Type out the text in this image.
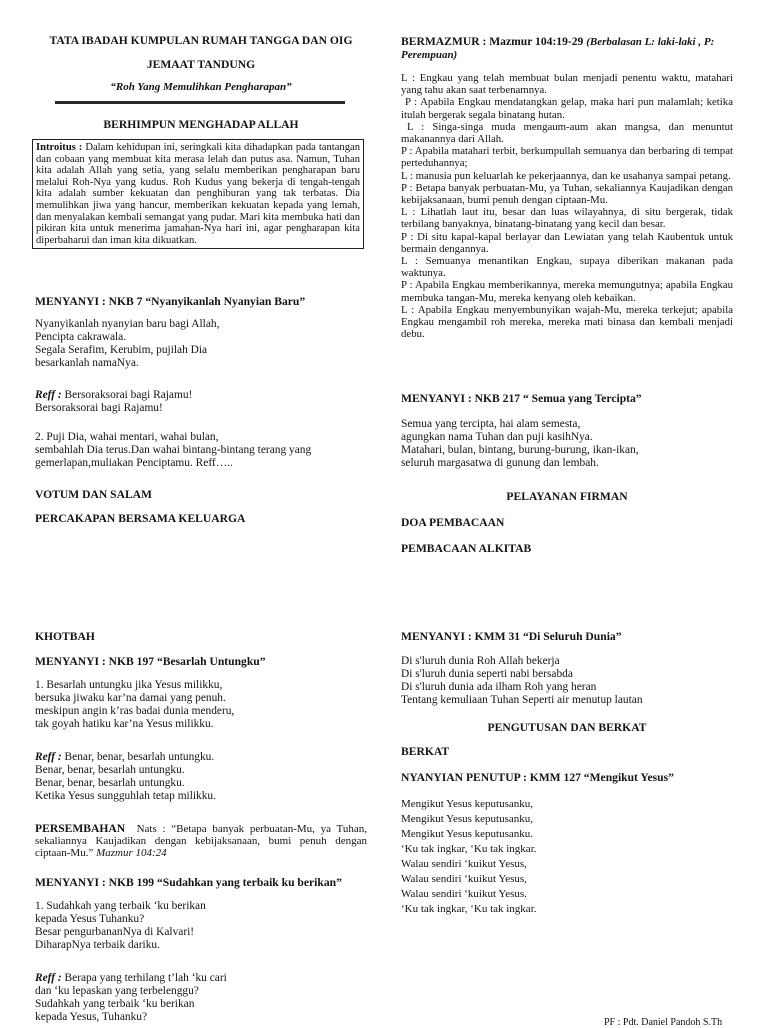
TATA IBADAH KUMPULAN RUMAH TANGGA DAN OIG
JEMAAT TANDUNG
“Roh Yang Memulihkan Pengharapan”
BERHIMPUN MENGHADAP ALLAH
Introitus : Dalam kehidupan ini, seringkali kita dihadapkan pada tantangan dan cobaan yang membuat kita merasa lelah dan putus asa. Namun, Tuhan kita adalah Allah yang setia, yang selalu memberikan pengharapan baru melalui Roh-Nya yang kudus. Roh Kudus yang bekerja di tengah-tengah kita adalah sumber kekuatan dan penghiburan yang tak terbatas. Dia memulihkan jiwa yang hancur, memberikan kekuatan kepada yang lemah, dan menyalakan kembali semangat yang pudar. Mari kita membuka hati dan pikiran kita untuk menerima jamahan-Nya hari ini, agar pengharapan kita diperbaharui dan iman kita dikuatkan.
MENYANYI : NKB 7 “Nyanyikanlah Nyanyian Baru”
Nyanyikanlah nyanyian baru bagi Allah,
Pencipta cakrawala.
Segala Serafim, Kerubim, pujilah Dia
besarkanlah namaNya.
Reff : Bersoraksorai bagi Rajamu!
Bersoraksorai bagi Rajamu!
2. Puji Dia, wahai mentari, wahai bulan,
sembahlah Dia terus.Dan wahai bintang-bintang terang yang
gemerlapan,muliakan Penciptamu. Reff…..
VOTUM DAN SALAM
PERCAKAPAN BERSAMA KELUARGA
KHOTBAH
MENYANYI : NKB 197 “Besarlah Untungku”
1. Besarlah untungku jika Yesus milikku,
bersuka jiwaku kar’na damai yang penuh.
meskipun angin k’ras badai dunia menderu,
tak goyah hatiku kar’na Yesus milikku.
Reff : Benar, benar, besarlah untungku.
Benar, benar, besarlah untungku.
Benar, benar, besarlah untungku.
Ketika Yesus sungguhlah tetap milikku.
PERSEMBAHAN Nats : “Betapa banyak perbuatan-Mu, ya Tuhan, sekaliannya Kaujadikan dengan kebijaksanaan, bumi penuh dengan ciptaan-Mu.” Mazmur 104:24
MENYANYI : NKB 199 “Sudahkan yang terbaik ku berikan”
1. Sudahkah yang terbaik ‘ku berikan
kepada Yesus Tuhanku?
Besar pengurbananNya di Kalvari!
DiharapNya terbaik dariku.
Reff : Berapa yang terhilang t’lah ‘ku cari
dan ‘ku lepaskan yang terbelenggu?
Sudahkah yang terbaik ‘ku berikan
kepada Yesus, Tuhanku?
BERMAZMUR : Mazmur 104:19-29 (Berbalasan L: laki-laki , P: Perempuan)
L : Engkau yang telah membuat bulan menjadi penentu waktu, matahari yang tahu akan saat terbenamnya.
P : Apabila Engkau mendatangkan gelap, maka hari pun malamlah; ketika itulah bergerak segala binatang hutan.
L : Singa-singa muda mengaum-aum akan mangsa, dan menuntut makanannya dari Allah.
P : Apabila matahari terbit, berkumpullah semuanya dan berbaring di tempat perteduhannya;
L : manusia pun keluarlah ke pekerjaannya, dan ke usahanya sampai petang.
P : Betapa banyak perbuatan-Mu, ya Tuhan, sekaliannya Kaujadikan dengan kebijaksanaan, bumi penuh dengan ciptaan-Mu.
L : Lihatlah laut itu, besar dan luas wilayahnya, di situ bergerak, tidak terbilang banyaknya, binatang-binatang yang kecil dan besar.
P : Di situ kapal-kapal berlayar dan Lewiatan yang telah Kaubentuk untuk bermain dengannya.
L : Semuanya menantikan Engkau, supaya diberikan makanan pada waktunya.
P : Apabila Engkau memberikannya, mereka memungutnya; apabila Engkau membuka tangan-Mu, mereka kenyang oleh kebaikan.
L : Apabila Engkau menyembunyikan wajah-Mu, mereka terkejut; apabila Engkau mengambil roh mereka, mereka mati binasa dan kembali menjadi debu.
MENYANYI : NKB 217 “ Semua yang Tercipta”
Semua yang tercipta, hai alam semesta,
agungkan nama Tuhan dan puji kasihNya.
Matahari, bulan, bintang, burung-burung, ikan-ikan,
seluruh margasatwa di gunung dan lembah.
PELAYANAN FIRMAN
DOA PEMBACAAN
PEMBACAAN ALKITAB
MENYANYI : KMM 31 “Di Seluruh Dunia”
Di s'luruh dunia Roh Allah bekerja
Di s'luruh dunia seperti nabi bersabda
Di s'luruh dunia ada ilham Roh yang heran
Tentang kemuliaan Tuhan Seperti air menutup lautan
PENGUTUSAN DAN BERKAT
BERKAT
NYANYIAN PENUTUP : KMM 127 “Mengikut Yesus”
Mengikut Yesus keputusanku,
Mengikut Yesus keputusanku,
Mengikut Yesus keputusanku.
‘Ku tak ingkar, ‘Ku tak ingkar.
Walau sendiri ‘kuikut Yesus,
Walau sendiri ‘kuikut Yesus,
Walau sendiri ‘kuikut Yesus.
‘Ku tak ingkar, ‘Ku tak ingkar.
PF : Pdt. Daniel Pandoh S.Th
